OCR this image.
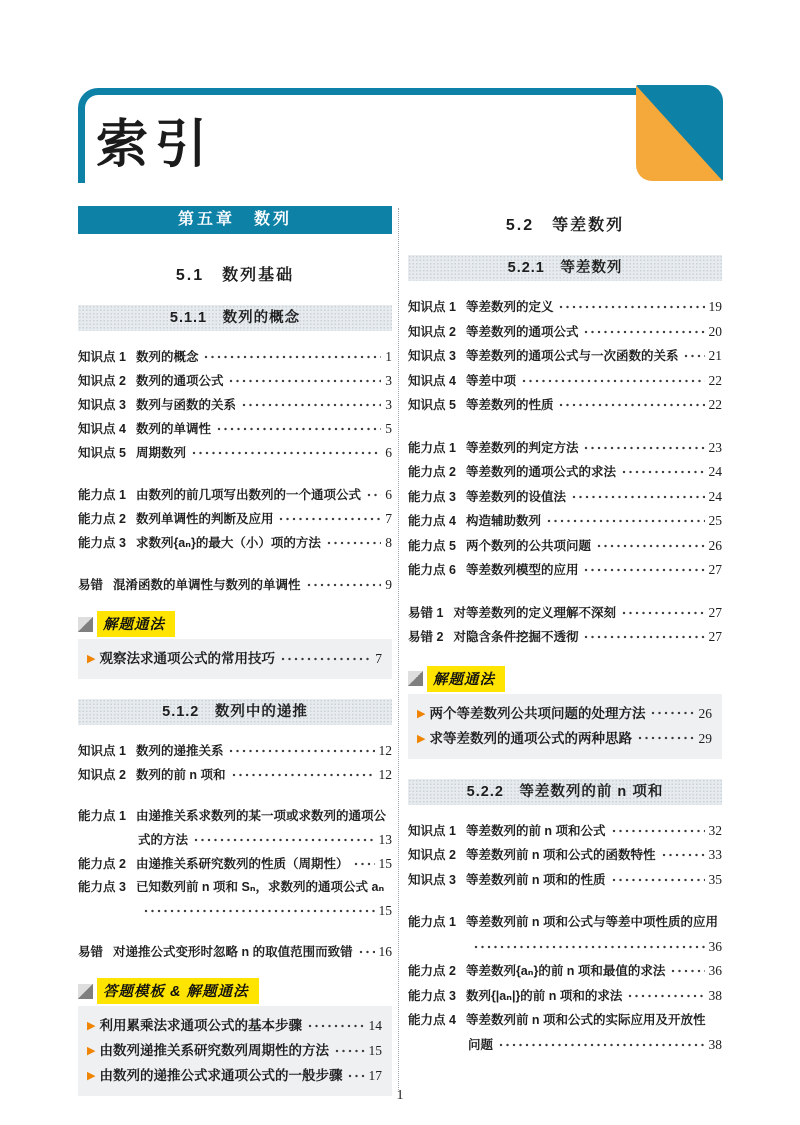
索引
第五章　数列
5.1　数列基础
5.1.1　数列的概念
知识点 1 数列的概念	1
知识点 2 数列的通项公式	3
知识点 3 数列与函数的关系	3
知识点 4 数列的单调性	5
知识点 5 周期数列	6
能力点 1 由数列的前几项写出数列的一个通项公式 6
能力点 2 数列单调性的判断及应用	7
能力点 3 求数列{aₙ}的最大（小）项的方法	8
易错 混淆函数的单调性与数列的单调性	9
解题通法
▶ 观察法求通项公式的常用技巧	7
5.1.2　数列中的递推
知识点 1 数列的递推关系	12
知识点 2 数列的前 n 项和	12
能力点 1 由递推关系求数列的某一项或求数列的通项公
式的方法	13
能力点 2 由递推关系研究数列的性质（周期性） 15
能力点 3 已知数列前 n 项和 Sₙ，求数列的通项公式 aₙ
15
易错 对递推公式变形时忽略 n 的取值范围而致错 16
答题模板 & 解题通法
▶ 利用累乘法求通项公式的基本步骤	14
▶ 由数列递推关系研究数列周期性的方法	15
▶ 由数列的递推公式求通项公式的一般步骤 17
5.2　等差数列
5.2.1　等差数列
知识点 1 等差数列的定义	19
知识点 2 等差数列的通项公式	20
知识点 3 等差数列的通项公式与一次函数的关系 21
知识点 4 等差中项	22
知识点 5 等差数列的性质	22
能力点 1 等差数列的判定方法	23
能力点 2 等差数列的通项公式的求法	24
能力点 3 等差数列的设值法	24
能力点 4 构造辅助数列	25
能力点 5 两个数列的公共项问题	26
能力点 6 等差数列模型的应用	27
易错 1 对等差数列的定义理解不深刻	27
易错 2 对隐含条件挖掘不透彻	27
解题通法
▶ 两个等差数列公共项问题的处理方法	26
▶ 求等差数列的通项公式的两种思路	29
5.2.2　等差数列的前 n 项和
知识点 1 等差数列的前 n 项和公式	32
知识点 2 等差数列前 n 项和公式的函数特性	33
知识点 3 等差数列前 n 项和的性质	35
能力点 1 等差数列前 n 项和公式与等差中项性质的应用
36
能力点 2 等差数列{aₙ}的前 n 项和最值的求法	36
能力点 3 数列{|aₙ|}的前 n 项和的求法	38
能力点 4 等差数列前 n 项和公式的实际应用及开放性
问题	38
1
